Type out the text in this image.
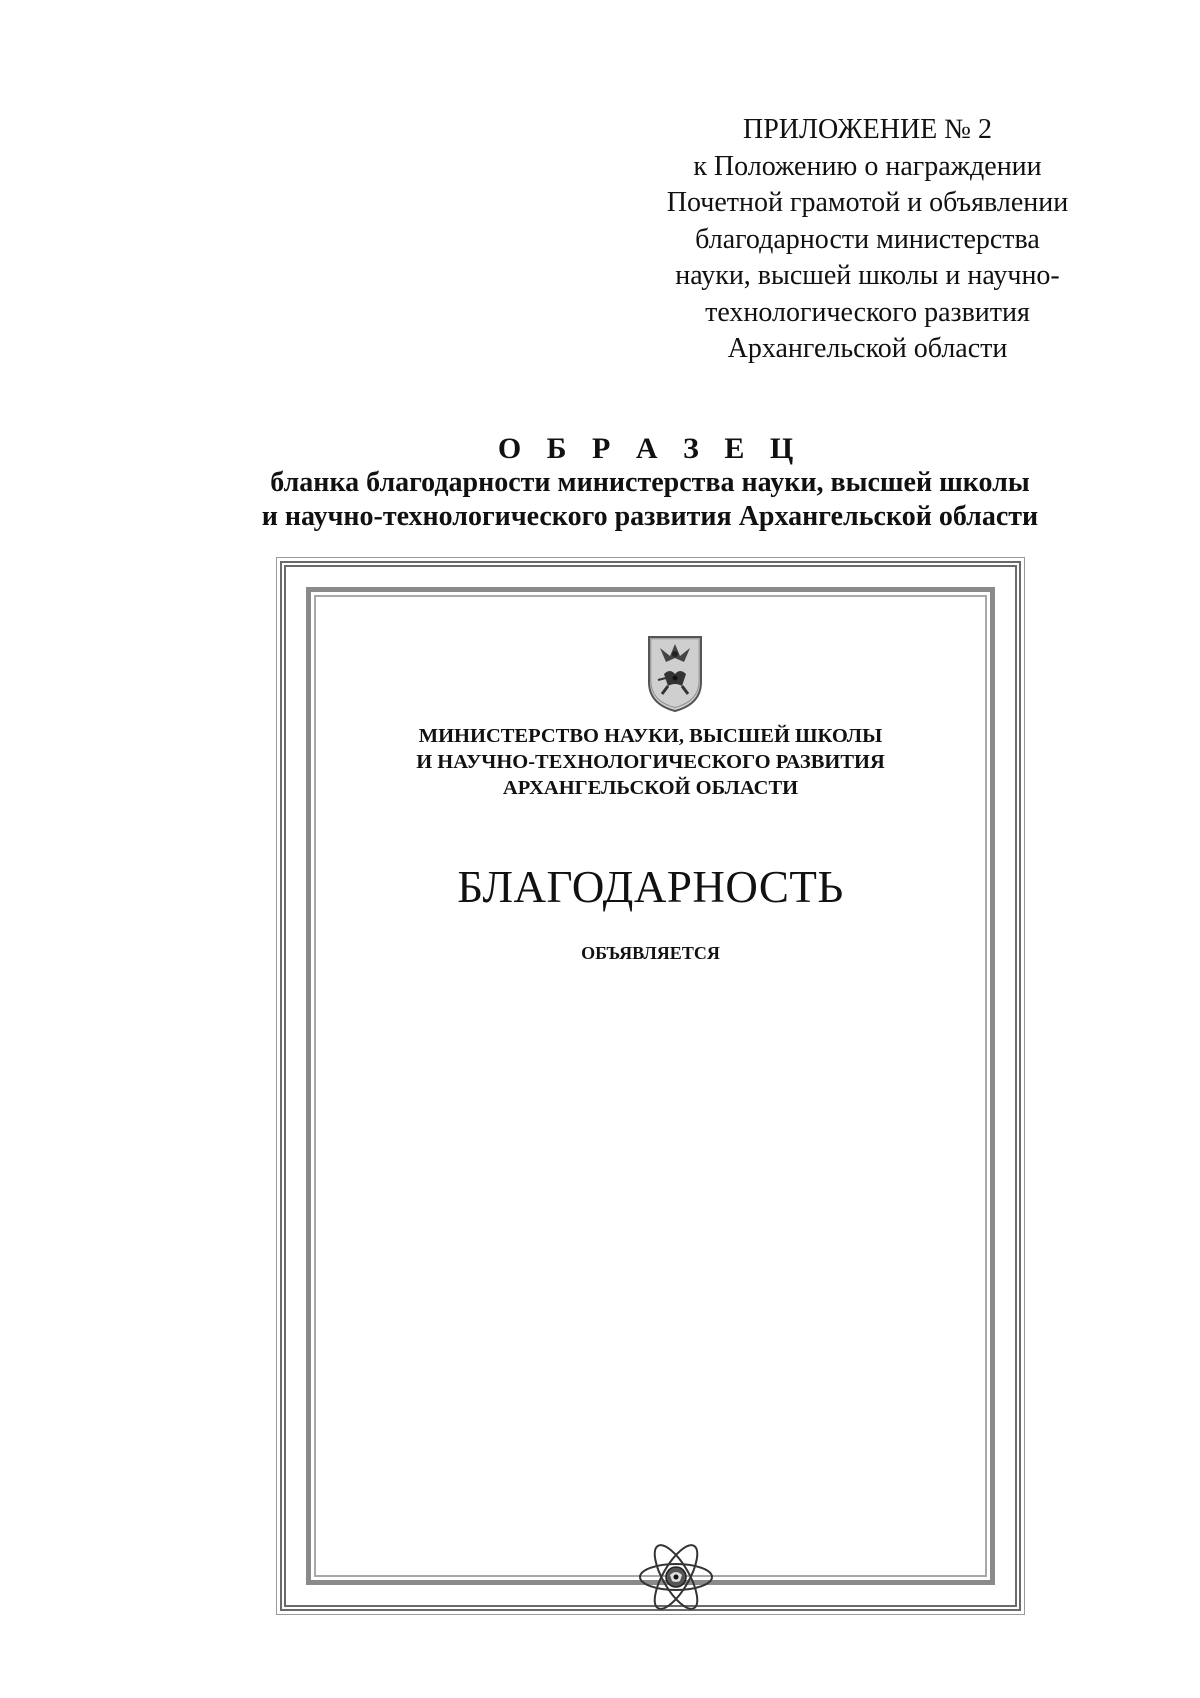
ПРИЛОЖЕНИЕ № 2
к Положению о награждении
Почетной грамотой и объявлении
благодарности министерства
науки, высшей школы и научно-
технологического развития
Архангельской области
О Б Р А З Е Ц
бланка благодарности министерства науки, высшей школы
и научно-технологического развития Архангельской области
МИНИСТЕРСТВО НАУКИ, ВЫСШЕЙ ШКОЛЫ
И НАУЧНО-ТЕХНОЛОГИЧЕСКОГО РАЗВИТИЯ
АРХАНГЕЛЬСКОЙ ОБЛАСТИ
БЛАГОДАРНОСТЬ
ОБЪЯВЛЯЕТСЯ
